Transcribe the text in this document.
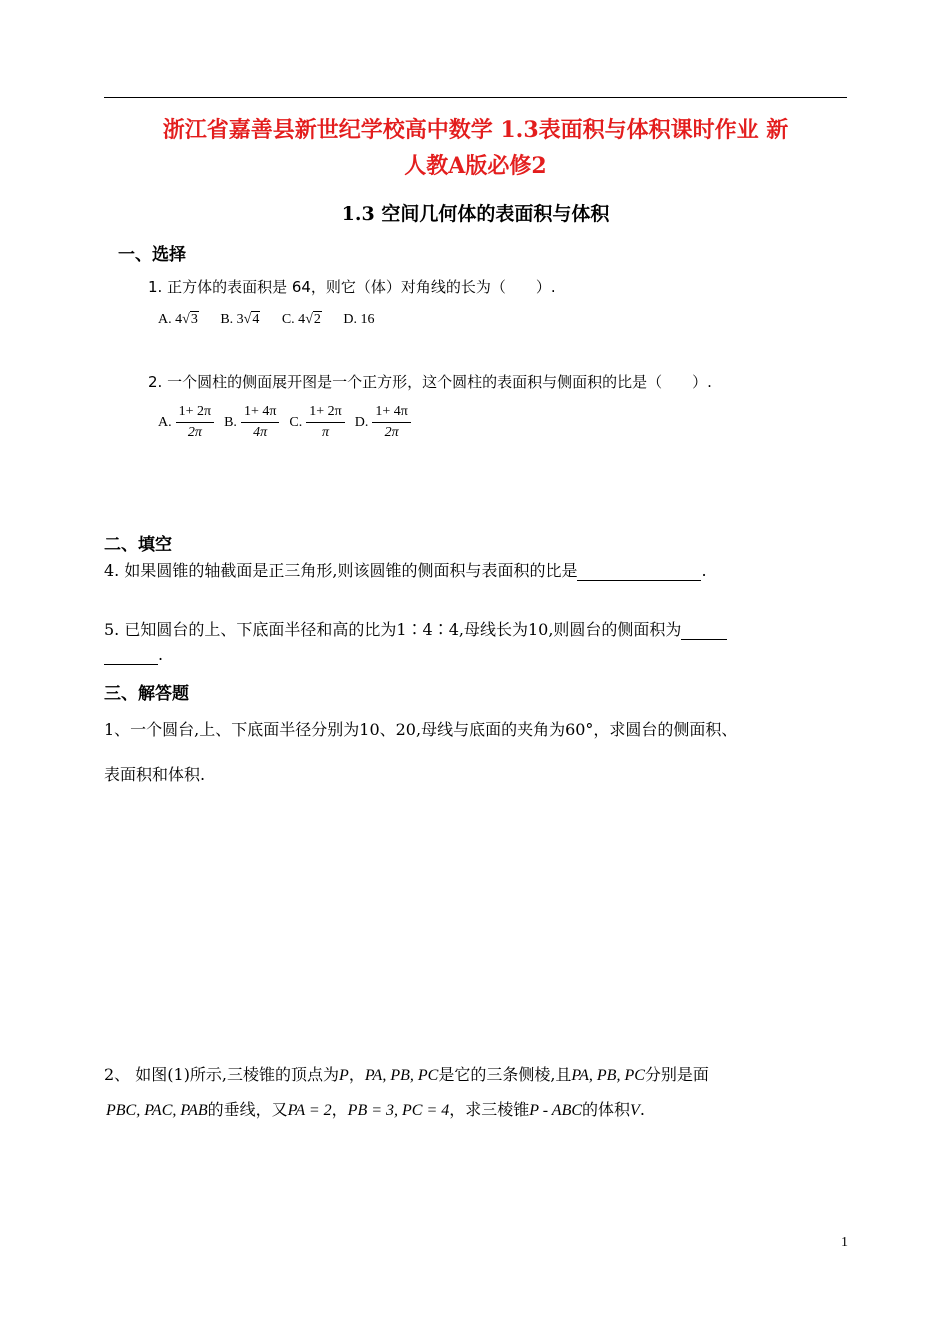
浙江省嘉善县新世纪学校高中数学 1.3表面积与体积课时作业 新
人教A版必修2
1.3 空间几何体的表面积与体积
一、选择
1. 正方体的表面积是 64，则它（体）对角线的长为（　　）.
A. 4√3 B. 3√4 C. 4√2 D. 16
2. 一个圆柱的侧面展开图是一个正方形，这个圆柱的表面积与侧面积的比是（　　）.
A. $\frac{1+ 2\pi}{2\pi} B$. $\frac{1+ 4\pi}{4\pi} C$. $\frac{1+ 2\pi}{\pi} D$. $\frac{1+ 4\pi}{2\pi}$
二、填空
4. 如果圆锥的轴截面是正三角形,则该圆锥的侧面积与表面积的比是	.
5. 已知圆台的上、下底面半径和高的比为1∶4∶4,母线长为10,则圆台的侧面积为
.
三、解答题
1、一个圆台,上、下底面半径分别为10、20,母线与底面的夹角为60°，求圆台的侧面积、
表面积和体积.
2、 如图(1)所示,三棱锥的顶点为P，PA, PB, PC是它的三条侧棱,且PA, PB, PC分别是面
PBC, PAC, PAB的垂线，又PA = 2，PB = 3, PC = 4，求三棱锥P - ABC的体积V.
1
